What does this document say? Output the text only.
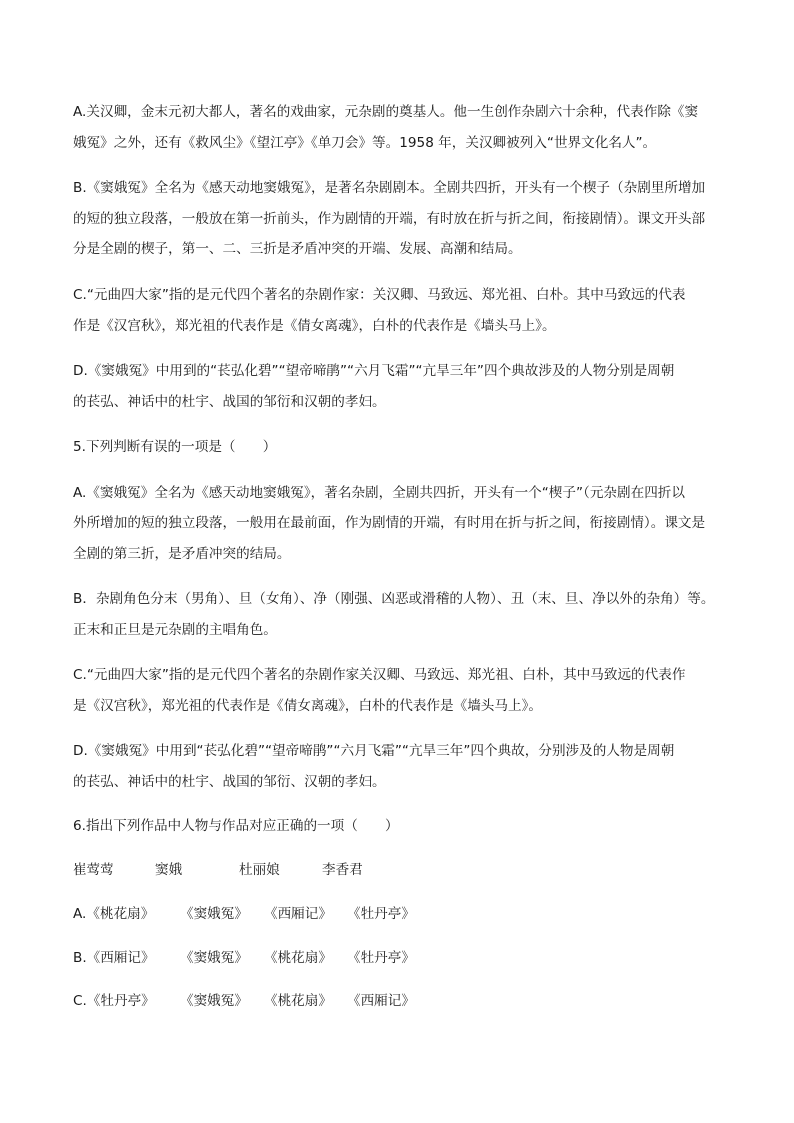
A.关汉卿，金末元初大都人，著名的戏曲家，元杂剧的奠基人。他一生创作杂剧六十余种，代表作除《窦
娥冤》之外，还有《救风尘》《望江亭》《单刀会》等。1958 年，关汉卿被列入“世界文化名人”。
B.《窦娥冤》全名为《感天动地窦娥冤》，是著名杂剧剧本。全剧共四折，开头有一个楔子（杂剧里所增加
的短的独立段落，一般放在第一折前头，作为剧情的开端，有时放在折与折之间，衔接剧情）。课文开头部
分是全剧的楔子，第一、二、三折是矛盾冲突的开端、发展、高潮和结局。
C.“元曲四大家”指的是元代四个著名的杂剧作家：关汉卿、马致远、郑光祖、白朴。其中马致远的代表
作是《汉宫秋》，郑光祖的代表作是《倩女离魂》，白朴的代表作是《墙头马上》。
D.《窦娥冤》中用到的“苌弘化碧”“望帝啼鹃”“六月飞霜”“亢旱三年”四个典故涉及的人物分别是周朝
的苌弘、神话中的杜宇、战国的邹衍和汉朝的孝妇。
5.下列判断有误的一项是（　　）
A.《窦娥冤》全名为《感天动地窦娥冤》，著名杂剧，全剧共四折，开头有一个“楔子”（元杂剧在四折以
外所增加的短的独立段落，一般用在最前面，作为剧情的开端，有时用在折与折之间，衔接剧情）。课文是
全剧的第三折，是矛盾冲突的结局。
B．杂剧角色分末（男角）、旦（女角）、净（刚强、凶恶或滑稽的人物）、丑（末、旦、净以外的杂角）等。
正末和正旦是元杂剧的主唱角色。
C.“元曲四大家”指的是元代四个著名的杂剧作家关汉卿、马致远、郑光祖、白朴，其中马致远的代表作
是《汉宫秋》，郑光祖的代表作是《倩女离魂》，白朴的代表作是《墙头马上》。
D.《窦娥冤》中用到“苌弘化碧”“望帝啼鹃”“六月飞霜”“亢旱三年”四个典故，分别涉及的人物是周朝
的苌弘、神话中的杜宇、战国的邹衍、汉朝的孝妇。
6.指出下列作品中人物与作品对应正确的一项（　　）
崔莺莺	窦娥	杜丽娘	李香君
A.《桃花扇》 《窦娥冤》 《西厢记》 《牡丹亭》
B.《西厢记》 《窦娥冤》 《桃花扇》 《牡丹亭》
C.《牡丹亭》 《窦娥冤》 《桃花扇》 《西厢记》
